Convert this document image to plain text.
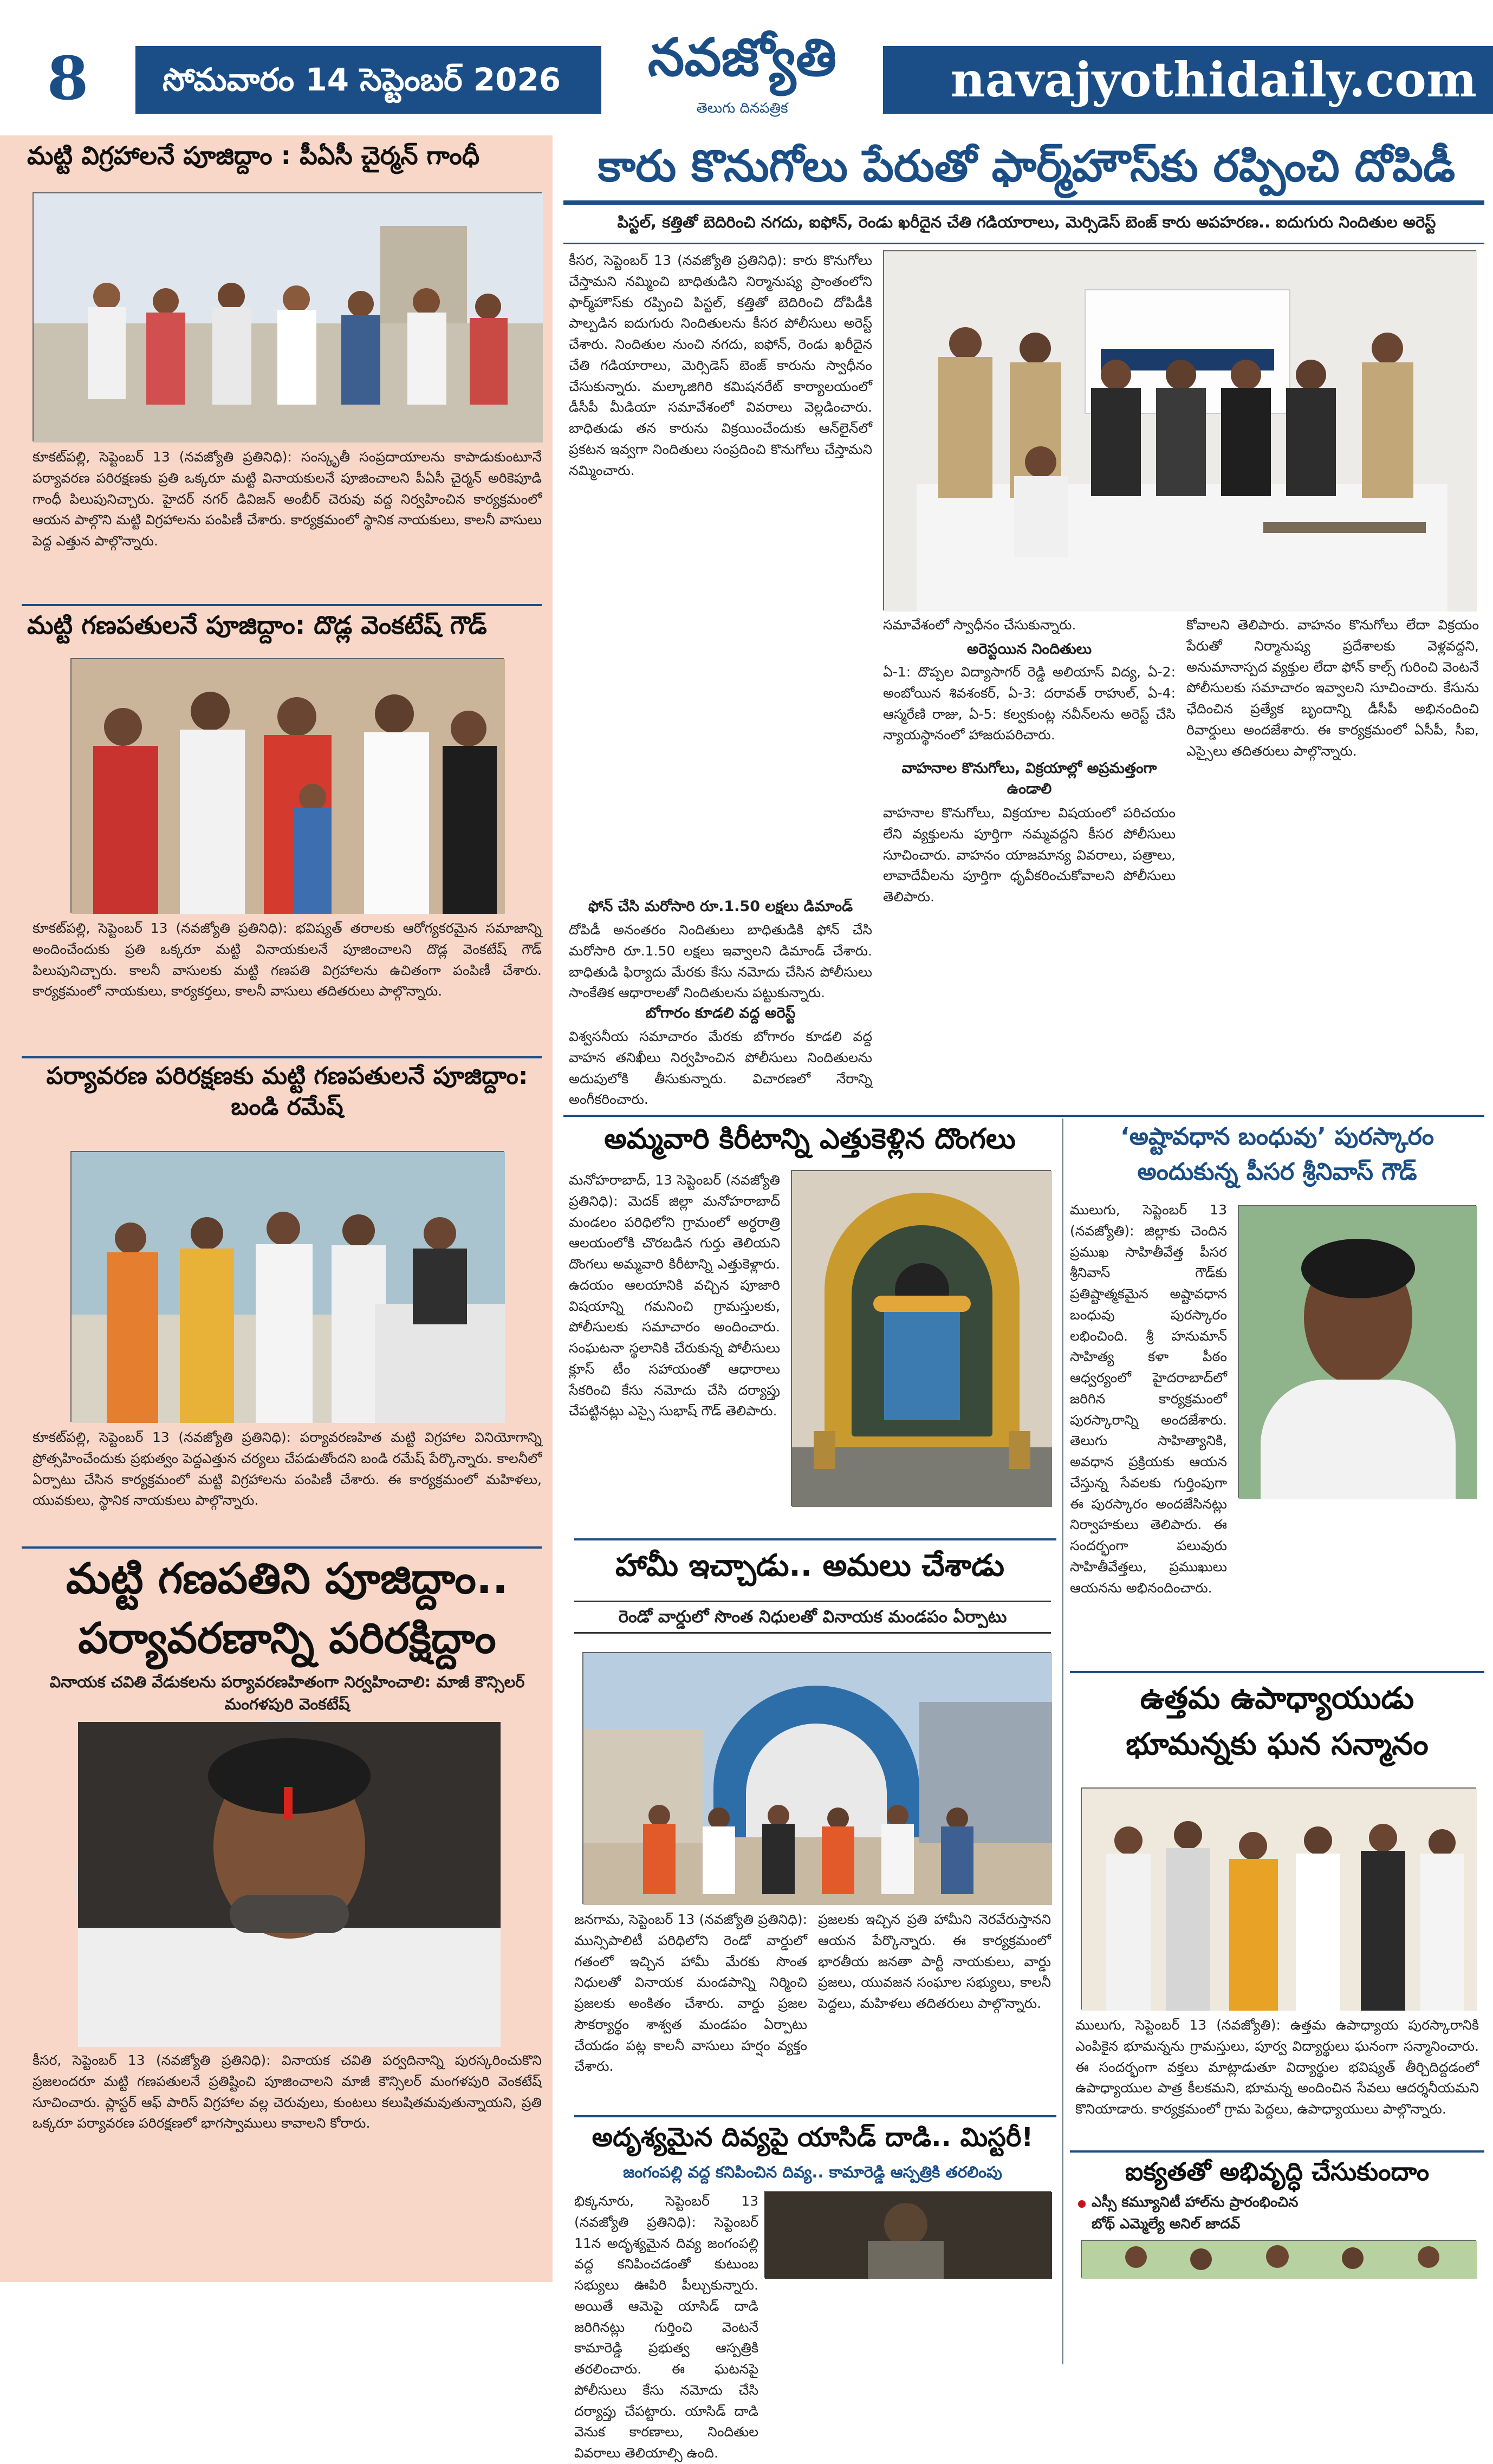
8	సోమవారం 14 సెప్టెంబర్ 2026	నవజ్యోతి
తెలుగు దినపత్రిక
navajyothidaily.com
మట్టి విగ్రహాలనే పూజిద్దాం : పీఏసీ చైర్మన్ గాంధీ
కూకట్‌పల్లి, సెప్టెంబర్ 13 (నవజ్యోతి ప్రతినిధి): సంస్కృతీ సంప్రదాయాలను కాపాడుకుంటూనే పర్యావరణ పరిరక్షణకు ప్రతి ఒక్కరూ మట్టి వినాయకులనే పూజించాలని పీఏసీ చైర్మన్ అరికెపూడి గాంధీ పిలుపునిచ్చారు. హైదర్ నగర్ డివిజన్ అంబీర్ చెరువు వద్ద నిర్వహించిన కార్యక్రమంలో ఆయన పాల్గొని మట్టి విగ్రహాలను పంపిణీ చేశారు. కార్యక్రమంలో స్థానిక నాయకులు, కాలనీ వాసులు పెద్ద ఎత్తున పాల్గొన్నారు.
మట్టి గణపతులనే పూజిద్దాం: దొడ్ల వెంకటేష్ గౌడ్
కూకట్‌పల్లి, సెప్టెంబర్ 13 (నవజ్యోతి ప్రతినిధి): భవిష్యత్ తరాలకు ఆరోగ్యకరమైన సమాజాన్ని అందించేందుకు ప్రతి ఒక్కరూ మట్టి వినాయకులనే పూజించాలని దొడ్ల వెంకటేష్ గౌడ్ పిలుపునిచ్చారు. కాలనీ వాసులకు మట్టి గణపతి విగ్రహాలను ఉచితంగా పంపిణీ చేశారు. కార్యక్రమంలో నాయకులు, కార్యకర్తలు, కాలనీ వాసులు తదితరులు పాల్గొన్నారు.
పర్యావరణ పరిరక్షణకు మట్టి గణపతులనే పూజిద్దాం: బండి రమేష్
కూకట్‌పల్లి, సెప్టెంబర్ 13 (నవజ్యోతి ప్రతినిధి): పర్యావరణహిత మట్టి విగ్రహాల వినియోగాన్ని ప్రోత్సహించేందుకు ప్రభుత్వం పెద్దఎత్తున చర్యలు చేపడుతోందని బండి రమేష్ పేర్కొన్నారు. కాలనీలో ఏర్పాటు చేసిన కార్యక్రమంలో మట్టి విగ్రహాలను పంపిణీ చేశారు. ఈ కార్యక్రమంలో మహిళలు, యువకులు, స్థానిక నాయకులు పాల్గొన్నారు.
మట్టి గణపతిని పూజిద్దాం..
పర్యావరణాన్ని పరిరక్షిద్దాం
వినాయక చవితి వేడుకలను పర్యావరణహితంగా నిర్వహించాలి: మాజీ కౌన్సిలర్ మంగళపురి వెంకటేష్
కీసర, సెప్టెంబర్ 13 (నవజ్యోతి ప్రతినిధి): వినాయక చవితి పర్వదినాన్ని పురస్కరించుకొని ప్రజలందరూ మట్టి గణపతులనే ప్రతిష్టించి పూజించాలని మాజీ కౌన్సిలర్ మంగళపురి వెంకటేష్ సూచించారు. ప్లాస్టర్ ఆఫ్ పారిస్ విగ్రహాల వల్ల చెరువులు, కుంటలు కలుషితమవుతున్నాయని, ప్రతి ఒక్కరూ పర్యావరణ పరిరక్షణలో భాగస్వాములు కావాలని కోరారు.
కారు కొనుగోలు పేరుతో ఫార్మ్‌హౌస్‌కు రప్పించి దోపిడీ
పిస్టల్, కత్తితో బెదిరించి నగదు, ఐఫోన్, రెండు ఖరీదైన చేతి గడియారాలు, మెర్సిడెస్ బెంజ్ కారు అపహరణ.. ఐదుగురు నిందితుల అరెస్ట్
కీసర, సెప్టెంబర్ 13 (నవజ్యోతి ప్రతినిధి): కారు కొనుగోలు చేస్తామని నమ్మించి బాధితుడిని నిర్మానుష్య ప్రాంతంలోని ఫార్మ్‌హౌస్‌కు రప్పించి పిస్టల్, కత్తితో బెదిరించి దోపిడీకి పాల్పడిన ఐదుగురు నిందితులను కీసర పోలీసులు అరెస్ట్ చేశారు. నిందితుల నుంచి నగదు, ఐఫోన్, రెండు ఖరీదైన చేతి గడియారాలు, మెర్సిడెస్ బెంజ్ కారును స్వాధీనం చేసుకున్నారు. మల్కాజిగిరి కమిషనరేట్ కార్యాలయంలో డీసీపీ మీడియా సమావేశంలో వివరాలు వెల్లడించారు. బాధితుడు తన కారును విక్రయించేందుకు ఆన్‌లైన్‌లో ప్రకటన ఇవ్వగా నిందితులు సంప్రదించి కొనుగోలు చేస్తామని నమ్మించారు.
సమావేశంలో స్వాధీనం చేసుకున్నారు.
అరెస్టయిన నిందితులు
ఏ-1: దొప్పల విద్యాసాగర్ రెడ్డి అలియాస్ విద్య, ఏ-2: అంబోయిన శివశంకర్, ఏ-3: దరావత్ రాహుల్, ఏ-4: ఆస్మరేణి రాజు, ఏ-5: కల్వకుంట్ల నవీన్‌లను అరెస్ట్ చేసి న్యాయస్థానంలో హాజరుపరిచారు.
ఫోన్ చేసి మరోసారి రూ.1.50 లక్షలు డిమాండ్
దోపిడీ అనంతరం నిందితులు బాధితుడికి ఫోన్ చేసి మరోసారి రూ.1.50 లక్షలు ఇవ్వాలని డిమాండ్ చేశారు. బాధితుడి ఫిర్యాదు మేరకు కేసు నమోదు చేసిన పోలీసులు సాంకేతిక ఆధారాలతో నిందితులను పట్టుకున్నారు.
బోగారం కూడలి వద్ద అరెస్ట్
విశ్వసనీయ సమాచారం మేరకు బోగారం కూడలి వద్ద వాహన తనిఖీలు నిర్వహించిన పోలీసులు నిందితులను అదుపులోకి తీసుకున్నారు. విచారణలో నేరాన్ని అంగీకరించారు.
కోవాలని తెలిపారు. వాహనం కొనుగోలు లేదా విక్రయం పేరుతో నిర్మానుష్య ప్రదేశాలకు వెళ్లవద్దని, అనుమానాస్పద వ్యక్తుల లేదా ఫోన్ కాల్స్ గురించి వెంటనే పోలీసులకు సమాచారం ఇవ్వాలని సూచించారు. కేసును ఛేదించిన ప్రత్యేక బృందాన్ని డీసీపీ అభినందించి రివార్డులు అందజేశారు. ఈ కార్యక్రమంలో ఏసీపీ, సీఐ, ఎస్సైలు తదితరులు పాల్గొన్నారు.
వాహనాల కొనుగోలు, విక్రయాల్లో అప్రమత్తంగా ఉండాలి
వాహనాల కొనుగోలు, విక్రయాల విషయంలో పరిచయం లేని వ్యక్తులను పూర్తిగా నమ్మవద్దని కీసర పోలీసులు సూచించారు. వాహనం యాజమాన్య వివరాలు, పత్రాలు, లావాదేవీలను పూర్తిగా ధృవీకరించుకోవాలని పోలీసులు తెలిపారు.
అమ్మవారి కిరీటాన్ని ఎత్తుకెళ్లిన దొంగలు
మనోహరాబాద్, 13 సెప్టెంబర్ (నవజ్యోతి ప్రతినిధి): మెదక్ జిల్లా మనోహరాబాద్ మండలం పరిధిలోని గ్రామంలో అర్ధరాత్రి ఆలయంలోకి చొరబడిన గుర్తు తెలియని దొంగలు అమ్మవారి కిరీటాన్ని ఎత్తుకెళ్లారు. ఉదయం ఆలయానికి వచ్చిన పూజారి విషయాన్ని గమనించి గ్రామస్తులకు, పోలీసులకు సమాచారం అందించారు. సంఘటనా స్థలానికి చేరుకున్న పోలీసులు క్లూస్ టీం సహాయంతో ఆధారాలు సేకరించి కేసు నమోదు చేసి దర్యాప్తు చేపట్టినట్లు ఎస్సై సుభాష్ గౌడ్ తెలిపారు.
‘అష్టావధాన బంధువు’ పురస్కారం
అందుకున్న పీసర శ్రీనివాస్ గౌడ్
ములుగు, సెప్టెంబర్ 13 (నవజ్యోతి): జిల్లాకు చెందిన ప్రముఖ సాహితీవేత్త పీసర శ్రీనివాస్ గౌడ్‌కు ప్రతిష్టాత్మకమైన అష్టావధాన బంధువు పురస్కారం లభించింది. శ్రీ హనుమాన్ సాహిత్య కళా పీఠం ఆధ్వర్యంలో హైదరాబాద్‌లో జరిగిన కార్యక్రమంలో పురస్కారాన్ని అందజేశారు. తెలుగు సాహిత్యానికి, అవధాన ప్రక్రియకు ఆయన చేస్తున్న సేవలకు గుర్తింపుగా ఈ పురస్కారం అందజేసినట్లు నిర్వాహకులు తెలిపారు. ఈ సందర్భంగా పలువురు సాహితీవేత్తలు, ప్రముఖులు ఆయనను అభినందించారు.
హామీ ఇచ్చాడు.. అమలు చేశాడు
రెండో వార్డులో సొంత నిధులతో వినాయక మండపం ఏర్పాటు
జనగామ, సెప్టెంబర్ 13 (నవజ్యోతి ప్రతినిధి): మున్సిపాలిటీ పరిధిలోని రెండో వార్డులో గతంలో ఇచ్చిన హామీ మేరకు సొంత నిధులతో వినాయక మండపాన్ని నిర్మించి ప్రజలకు అంకితం చేశారు. వార్డు ప్రజల సౌకర్యార్థం శాశ్వత మండపం ఏర్పాటు చేయడం పట్ల కాలనీ వాసులు హర్షం వ్యక్తం చేశారు.
ప్రజలకు ఇచ్చిన ప్రతి హామీని నెరవేరుస్తానని ఆయన పేర్కొన్నారు. ఈ కార్యక్రమంలో భారతీయ జనతా పార్టీ నాయకులు, వార్డు ప్రజలు, యువజన సంఘాల సభ్యులు, కాలనీ పెద్దలు, మహిళలు తదితరులు పాల్గొన్నారు.
ఉత్తమ ఉపాధ్యాయుడు
భూమన్నకు ఘన సన్మానం
ములుగు, సెప్టెంబర్ 13 (నవజ్యోతి): ఉత్తమ ఉపాధ్యాయ పురస్కారానికి ఎంపికైన భూమన్నను గ్రామస్తులు, పూర్వ విద్యార్థులు ఘనంగా సన్మానించారు. ఈ సందర్భంగా వక్తలు మాట్లాడుతూ విద్యార్థుల భవిష్యత్ తీర్చిదిద్దడంలో ఉపాధ్యాయుల పాత్ర కీలకమని, భూమన్న అందించిన సేవలు ఆదర్శనీయమని కొనియాడారు. కార్యక్రమంలో గ్రామ పెద్దలు, ఉపాధ్యాయులు పాల్గొన్నారు.
ఐక్యతతో అభివృద్ధి చేసుకుందాం
ఎస్సీ కమ్యూనిటీ హాల్‌ను ప్రారంభించిన
బోథ్ ఎమ్మెల్యే అనిల్ జాదవ్
అదృశ్యమైన దివ్యపై యాసిడ్ దాడి.. మిస్టరీ!
జంగంపల్లి వద్ద కనిపించిన దివ్య.. కామారెడ్డి ఆస్పత్రికి తరలింపు
భిక్కనూరు, సెప్టెంబర్ 13 (నవజ్యోతి ప్రతినిధి): సెప్టెంబర్ 11న అదృశ్యమైన దివ్య జంగంపల్లి వద్ద కనిపించడంతో కుటుంబ సభ్యులు ఊపిరి పీల్చుకున్నారు. అయితే ఆమెపై యాసిడ్ దాడి జరిగినట్లు గుర్తించి వెంటనే కామారెడ్డి ప్రభుత్వ ఆస్పత్రికి తరలించారు. ఈ ఘటనపై పోలీసులు కేసు నమోదు చేసి దర్యాప్తు చేపట్టారు. యాసిడ్ దాడి వెనుక కారణాలు, నిందితుల వివరాలు తెలియాల్సి ఉంది.
